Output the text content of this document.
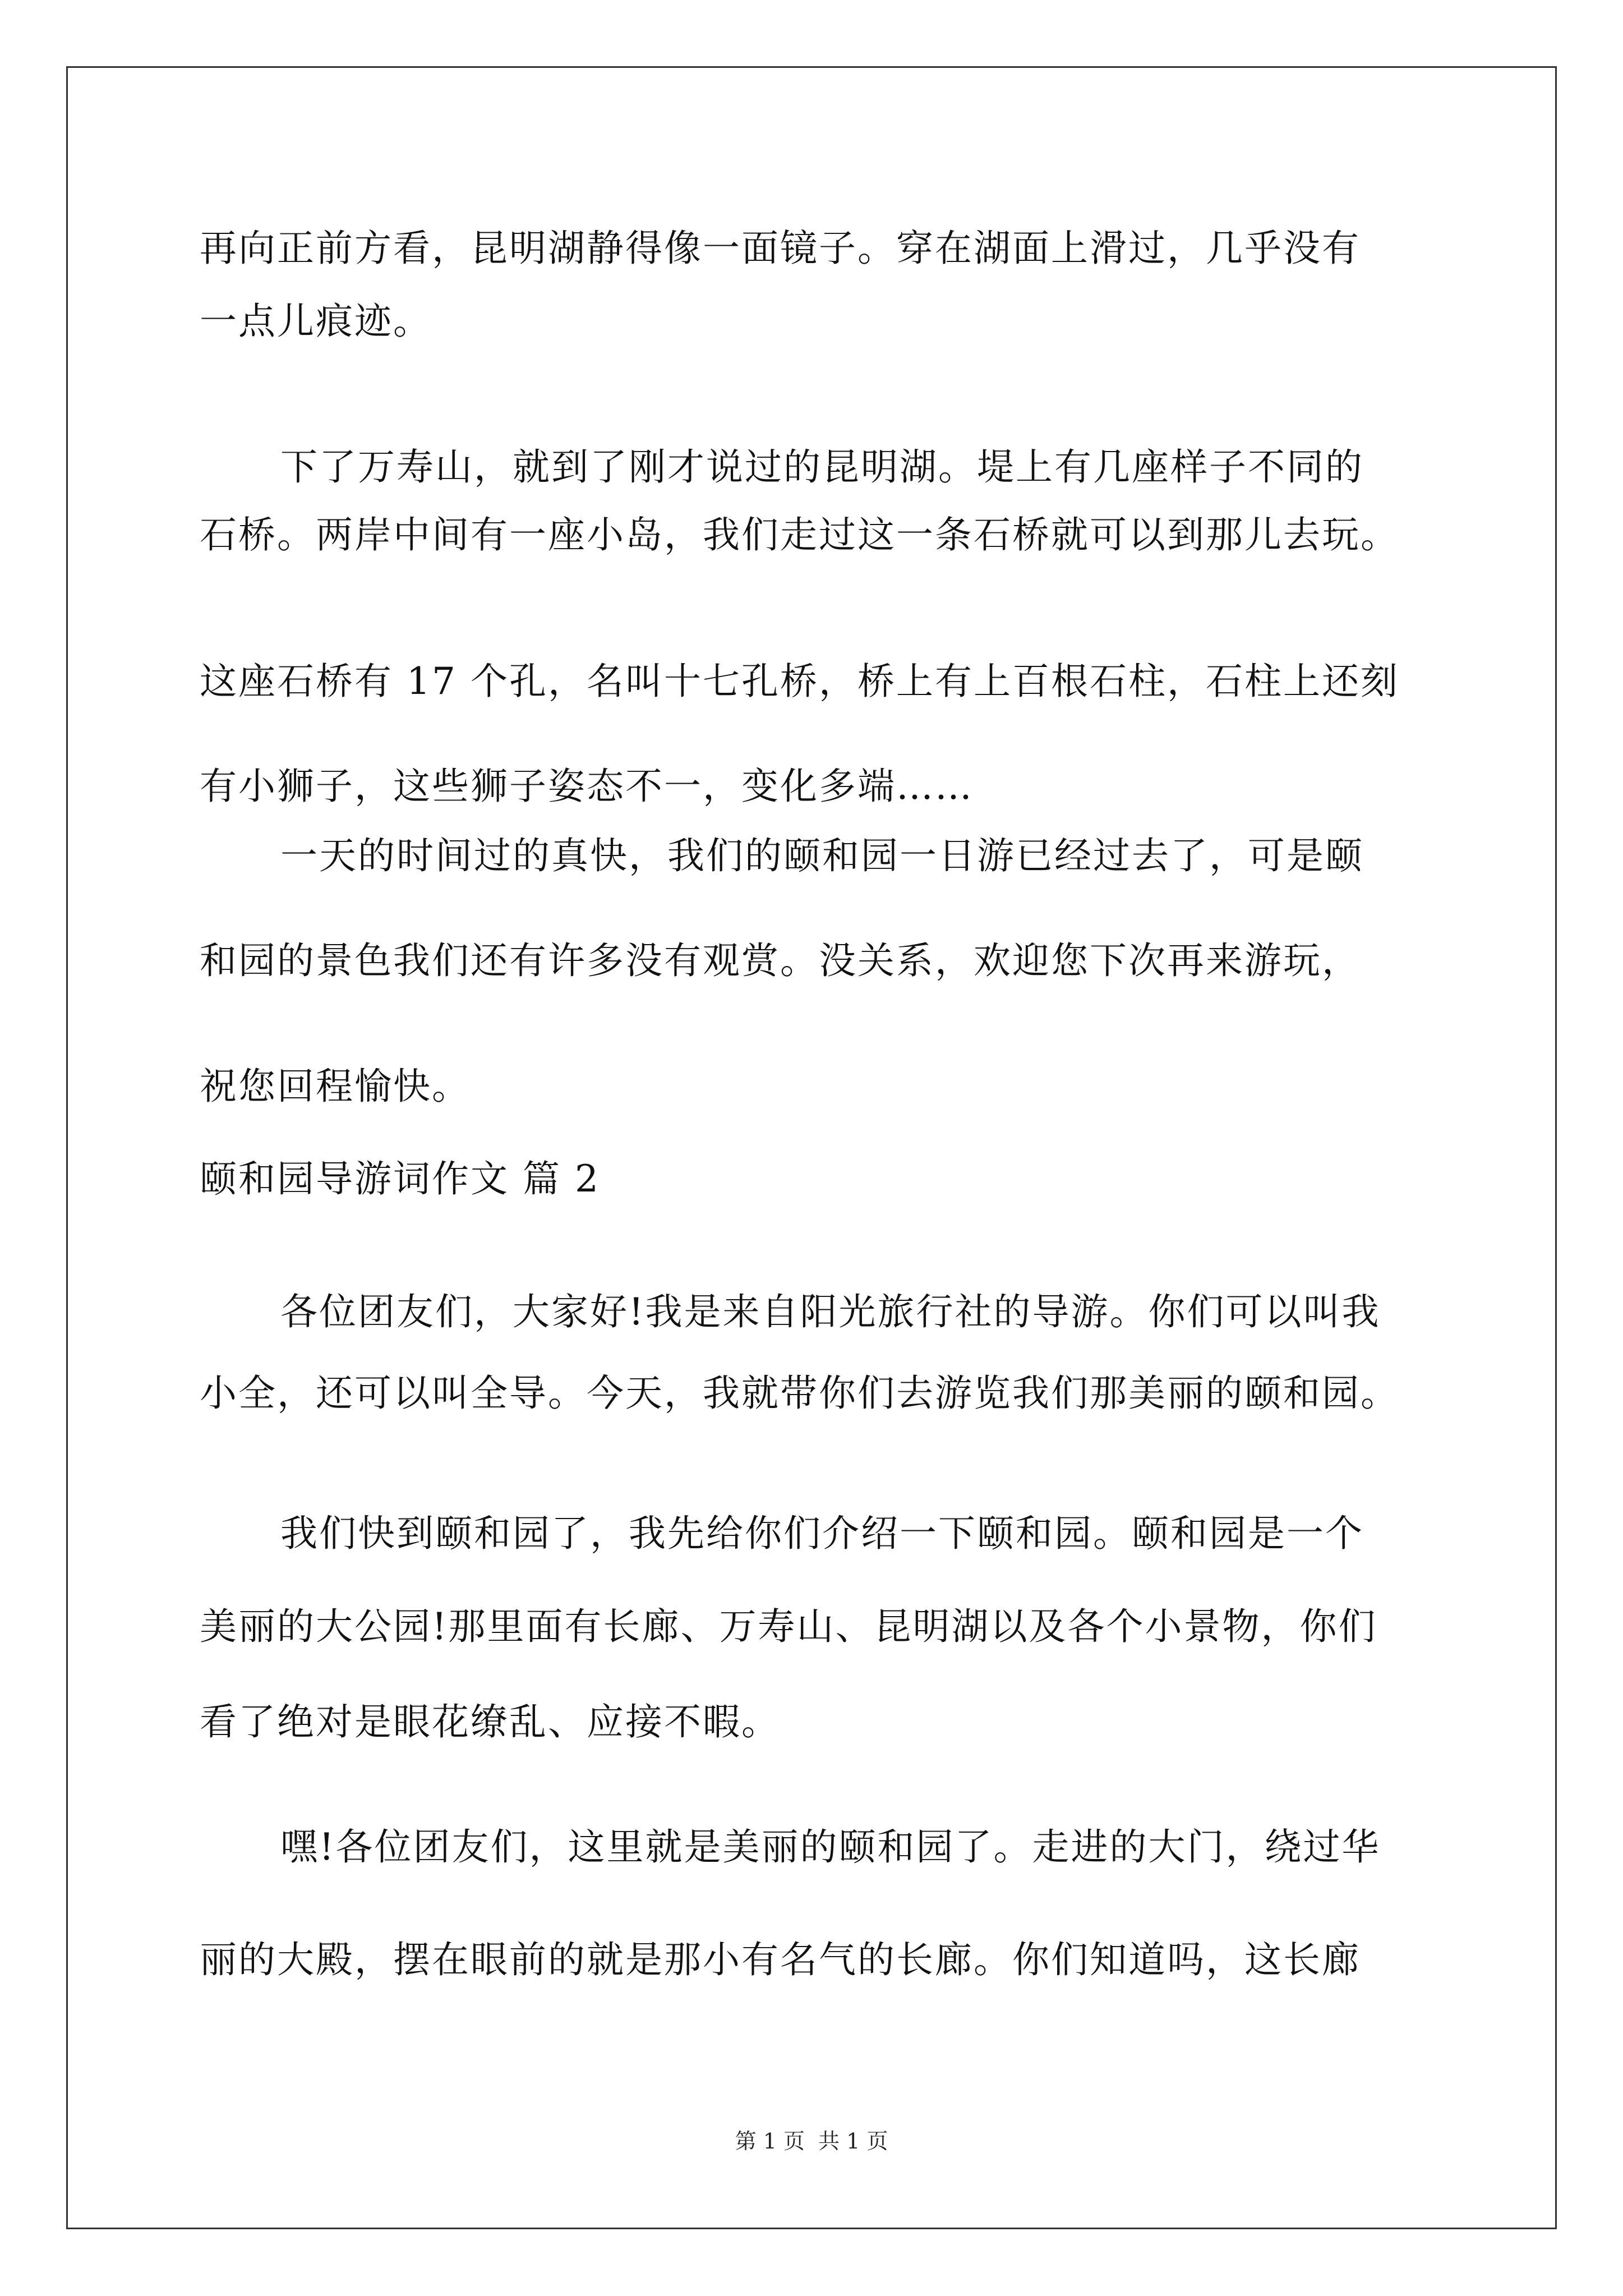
再向正前方看，昆明湖静得像一面镜子。穿在湖面上滑过，几乎没有
一点儿痕迹。
下了万寿山，就到了刚才说过的昆明湖。堤上有几座样子不同的
石桥。两岸中间有一座小岛，我们走过这一条石桥就可以到那儿去玩。
这座石桥有 17 个孔，名叫十七孔桥，桥上有上百根石柱，石柱上还刻
有小狮子，这些狮子姿态不一，变化多端……
一天的时间过的真快，我们的颐和园一日游已经过去了，可是颐
和园的景色我们还有许多没有观赏。没关系，欢迎您下次再来游玩，
祝您回程愉快。
颐和园导游词作文 篇 2
各位团友们，大家好!我是来自阳光旅行社的导游。你们可以叫我
小全，还可以叫全导。今天，我就带你们去游览我们那美丽的颐和园。
我们快到颐和园了，我先给你们介绍一下颐和园。颐和园是一个
美丽的大公园!那里面有长廊、万寿山、昆明湖以及各个小景物，你们
看了绝对是眼花缭乱、应接不暇。
嘿!各位团友们，这里就是美丽的颐和园了。走进的大门，绕过华
丽的大殿，摆在眼前的就是那小有名气的长廊。你们知道吗，这长廊
第 1 页 共 1 页
